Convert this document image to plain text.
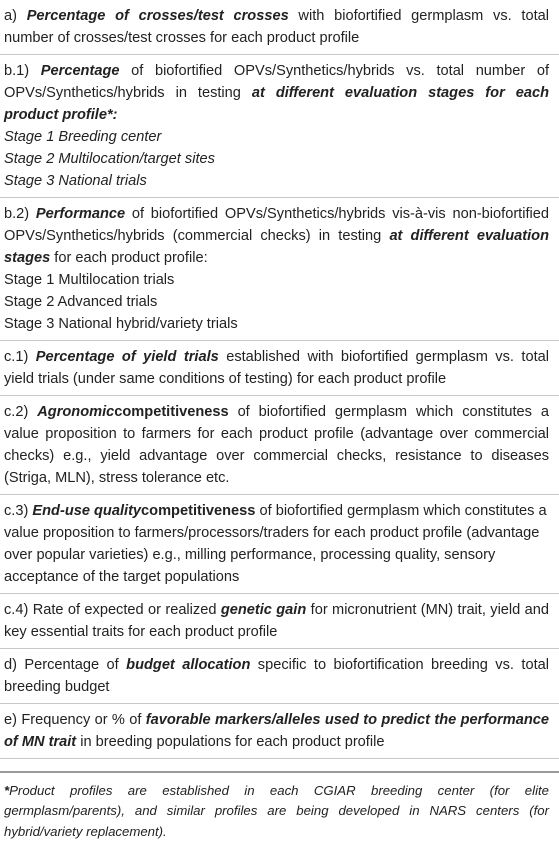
a) Percentage of crosses/test crosses with biofortified germplasm vs. total number of crosses/test crosses for each product profile
b.1) Percentage of biofortified OPVs/Synthetics/hybrids vs. total number of OPVs/Synthetics/hybrids in testing at different evaluation stages for each product profile*:
Stage 1 Breeding center
Stage 2 Multilocation/target sites
Stage 3 National trials
b.2) Performance of biofortified OPVs/Synthetics/hybrids vis-à-vis non-biofortified OPVs/Synthetics/hybrids (commercial checks) in testing at different evaluation stages for each product profile:
Stage 1 Multilocation trials
Stage 2 Advanced trials
Stage 3 National hybrid/variety trials
c.1) Percentage of yield trials established with biofortified germplasm vs. total yield trials (under same conditions of testing) for each product profile
c.2) Agronomiccompetitiveness of biofortified germplasm which constitutes a value proposition to farmers for each product profile (advantage over commercial checks) e.g., yield advantage over commercial checks, resistance to diseases (Striga, MLN), stress tolerance etc.
c.3) End-use qualitycompetitiveness of biofortified germplasm which constitutes a value proposition to farmers/processors/traders for each product profile (advantage over popular varieties) e.g., milling performance, processing quality, sensory acceptance of the target populations
c.4) Rate of expected or realized genetic gain for micronutrient (MN) trait, yield and key essential traits for each product profile
d) Percentage of budget allocation specific to biofortification breeding vs. total breeding budget
e) Frequency or % of favorable markers/alleles used to predict the performance of MN trait in breeding populations for each product profile
*Product profiles are established in each CGIAR breeding center (for elite germplasm/parents), and similar profiles are being developed in NARS centers (for hybrid/variety replacement).
